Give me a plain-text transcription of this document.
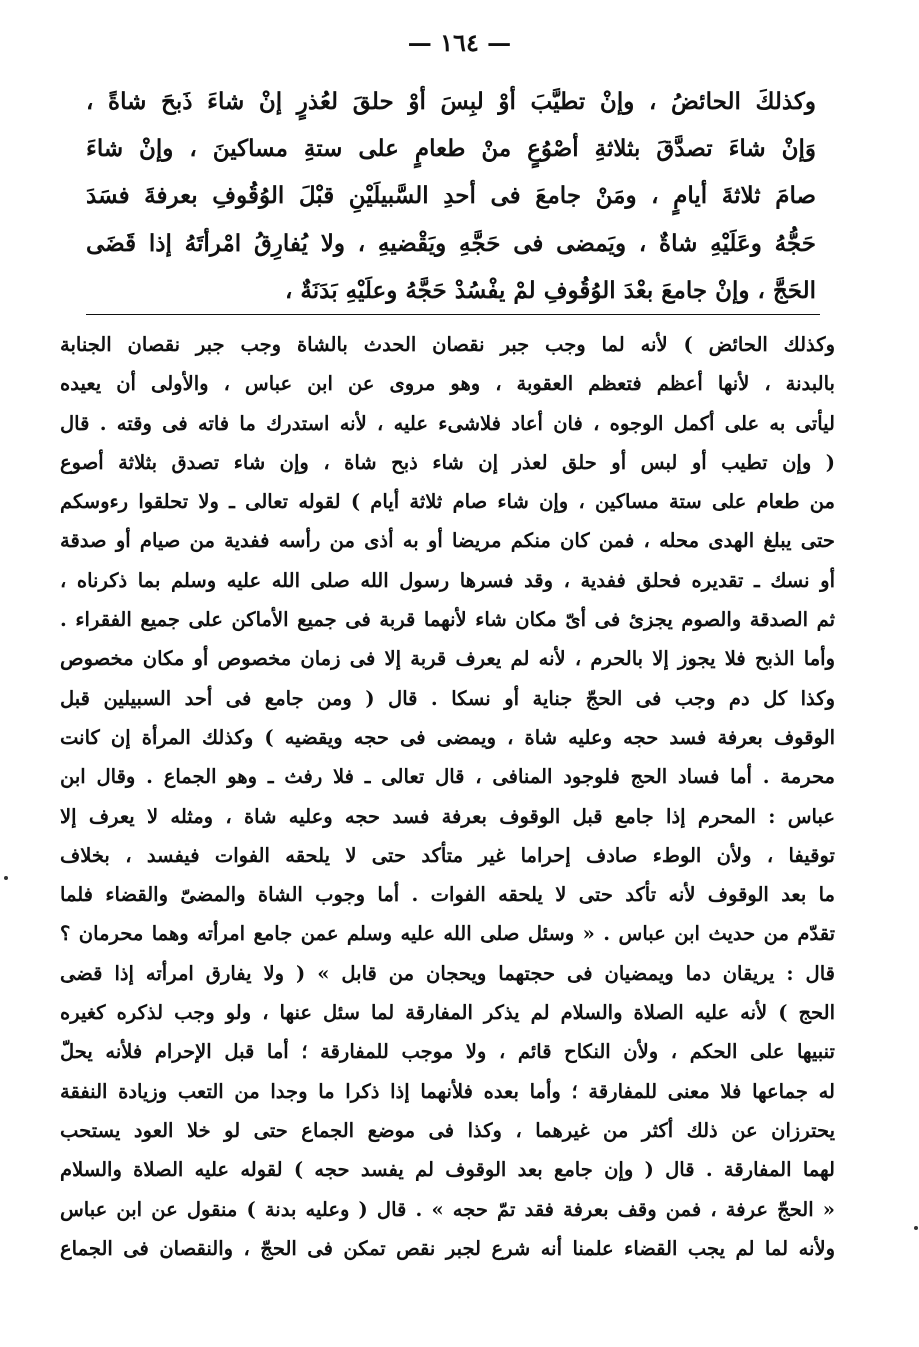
— ١٦٤ —
وكذلكَ الحائضُ ، وإنْ تطيَّبَ أوْ لبِسَ أوْ حلقَ لعُذرٍ إنْ شاءَ ذَبحَ شاةً ،
وَإنْ شاءَ تصدَّقَ بثلاثةِ أصْوُعٍ منْ طعامٍ على ستةِ مساكينَ ، وإنْ شاءَ
صامَ ثلاثةَ أيامٍ ، ومَنْ جامعَ فى أحدِ السَّبيلَيْنِ قبْلَ الوُقُوفِ بعرفةَ فسَدَ
حَجُّهُ وعَلَيْهِ شاةٌ ، ويَمضى فى حَجَّهِ ويَقْضيهِ ، ولا يُفارِقُ امْرأتَهُ إذا قَضَى
الحَجَّ ، وإنْ جامعَ بعْدَ الوُقُوفِ لمْ يفْسُدْ حَجَّهُ وعلَيْهِ بَدَنَةٌ ،
وكذلك الحائض ) لأنه لما وجب جبر نقصان الحدث بالشاة وجب جبر نقصان الجنابة
بالبدنة ، لأنها أعظم فتعظم العقوبة ، وهو مروى عن ابن عباس ، والأولى أن يعيده
ليأتى به على أكمل الوجوه ، فان أعاد فلاشىء عليه ، لأنه استدرك ما فاته فى وقته . قال
( وإن تطيب أو لبس أو حلق لعذر إن شاء ذبح شاة ، وإن شاء تصدق بثلاثة أصوع
من طعام على ستة مساكين ، وإن شاء صام ثلاثة أيام ) لقوله تعالى ـ ولا تحلقوا رءوسكم
حتى يبلغ الهدى محله ، فمن كان منكم مريضا أو به أذى من رأسه ففدية من صيام أو صدقة
أو نسك ـ تقديره فحلق ففدية ، وقد فسرها رسول الله صلى الله عليه وسلم بما ذكرناه ،
ثم الصدقة والصوم يجزئ فى أىّ مكان شاء لأنهما قربة فى جميع الأماكن على جميع الفقراء .
وأما الذبح فلا يجوز إلا بالحرم ، لأنه لم يعرف قربة إلا فى زمان مخصوص أو مكان مخصوص
وكذا كل دم وجب فى الحجّ جناية أو نسكا . قال ( ومن جامع فى أحد السبيلين قبل
الوقوف بعرفة فسد حجه وعليه شاة ، ويمضى فى حجه ويقضيه ) وكذلك المرأة إن كانت
محرمة . أما فساد الحج فلوجود المنافى ، قال تعالى ـ فلا رفث ـ وهو الجماع . وقال ابن
عباس : المحرم إذا جامع قبل الوقوف بعرفة فسد حجه وعليه شاة ، ومثله لا يعرف إلا
توقيفا ، ولأن الوطء صادف إحراما غير متأكد حتى لا يلحقه الفوات فيفسد ، بخلاف
ما بعد الوقوف لأنه تأكد حتى لا يلحقه الفوات . أما وجوب الشاة والمضىّ والقضاء فلما
تقدّم من حديث ابن عباس . « وسئل صلى الله عليه وسلم عمن جامع امرأته وهما محرمان ؟
قال : يريقان دما ويمضيان فى حجتهما ويحجان من قابل » ( ولا يفارق امرأته إذا قضى
الحج ) لأنه عليه الصلاة والسلام لم يذكر المفارقة لما سئل عنها ، ولو وجب لذكره كغيره
تنبيها على الحكم ، ولأن النكاح قائم ، ولا موجب للمفارقة ؛ أما قبل الإحرام فلأنه يحلّ
له جماعها فلا معنى للمفارقة ؛ وأما بعده فلأنهما إذا ذكرا ما وجدا من التعب وزيادة النفقة
يحترزان عن ذلك أكثر من غيرهما ، وكذا فى موضع الجماع حتى لو خلا العود يستحب
لهما المفارقة . قال ( وإن جامع بعد الوقوف لم يفسد حجه ) لقوله عليه الصلاة والسلام
« الحجّ عرفة ، فمن وقف بعرفة فقد تمّ حجه » . قال ( وعليه بدنة ) منقول عن ابن عباس
ولأنه لما لم يجب القضاء علمنا أنه شرع لجبر نقص تمكن فى الحجّ ، والنقصان فى الجماع
